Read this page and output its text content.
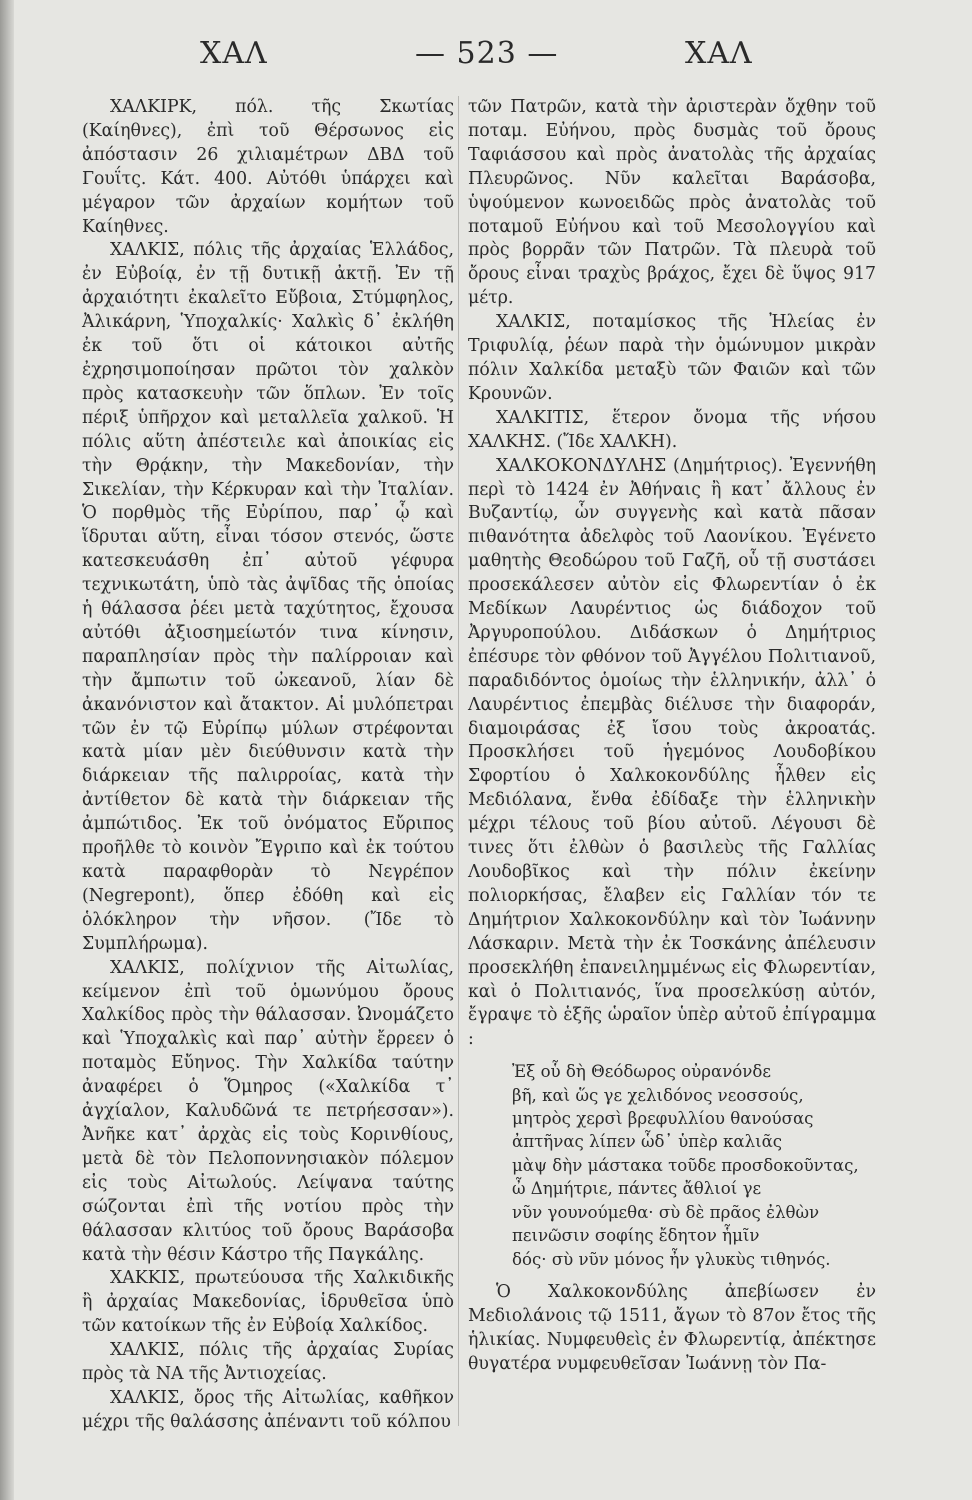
ΧΑΛ	— 523 —	ΧΑΛ

ΧΑΛΚΙΡΚ, πόλ. τῆς Σκωτίας (Καίηθνες), ἐπὶ τοῦ Θέρσωνος εἰς ἀπόστασιν 26 χιλιαμέτρων ΔΒΔ τοῦ Γουΐτς. Κάτ. 400. Αὐτόθι ὑπάρχει καὶ μέγαρον τῶν ἀρχαίων κομήτων τοῦ Καίηθνες.

ΧΑΛΚΙΣ, πόλις τῆς ἀρχαίας Ἑλλάδος, ἐν Εὐβοίᾳ, ἐν τῇ δυτικῇ ἀκτῇ. Ἐν τῇ ἀρχαιότητι ἐκαλεῖτο Εὔβοια, Στύμφηλος, Ἀλικάρνη, Ὑποχαλκίς· Χαλκὶς δ᾽ ἐκλήθη ἐκ τοῦ ὅτι οἱ κάτοικοι αὐτῆς ἐχρησιμοποίησαν πρῶτοι τὸν χαλκὸν πρὸς κατασκευὴν τῶν ὅπλων. Ἐν τοῖς πέριξ ὑπῆρχον καὶ μεταλλεῖα χαλκοῦ. Ἡ πόλις αὕτη ἀπέστειλε καὶ ἀποικίας εἰς τὴν Θρᾴκην, τὴν Μακεδονίαν, τὴν Σικελίαν, τὴν Κέρκυραν καὶ τὴν Ἰταλίαν. Ὁ πορθμὸς τῆς Εὐρίπου, παρ᾽ ᾧ καὶ ἵδρυται αὕτη, εἶναι τόσον στενός, ὥστε κατεσκευάσθη ἐπ᾽ αὐτοῦ γέφυρα τεχνικωτάτη, ὑπὸ τὰς ἀψῖδας τῆς ὁποίας ἡ θάλασσα ῥέει μετὰ ταχύτητος, ἔχουσα αὐτόθι ἀξιοσημείωτόν τινα κίνησιν, παραπλησίαν πρὸς τὴν παλίρροιαν καὶ τὴν ἄμπωτιν τοῦ ὠκεανοῦ, λίαν δὲ ἀκανόνιστον καὶ ἄτακτον. Αἱ μυλόπετραι τῶν ἐν τῷ Εὐρίπῳ μύλων στρέφονται κατὰ μίαν μὲν διεύθυνσιν κατὰ τὴν διάρκειαν τῆς παλιρροίας, κατὰ τὴν ἀντίθετον δὲ κατὰ τὴν διάρκειαν τῆς ἀμπώτιδος. Ἐκ τοῦ ὀνόματος Εὔριπος προῆλθε τὸ κοινὸν Ἔγριπο καὶ ἐκ τούτου κατὰ παραφθορὰν τὸ Νεγρέπον (Negrepont), ὅπερ ἐδόθη καὶ εἰς ὁλόκληρον τὴν νῆσον. (Ἴδε τὸ Συμπλήρωμα).

ΧΑΛΚΙΣ, πολίχνιον τῆς Αἰτωλίας, κείμενον ἐπὶ τοῦ ὁμωνύμου ὄρους Χαλκίδος πρὸς τὴν θάλασσαν. Ὠνομάζετο καὶ Ὑποχαλκὶς καὶ παρ᾽ αὐτὴν ἔρρεεν ὁ ποταμὸς Εὔηνος. Τὴν Χαλκίδα ταύτην ἀναφέρει ὁ Ὅμηρος («Χαλκίδα τ᾽ ἀγχίαλον, Καλυδῶνά τε πετρήεσσαν»). Ἀνῆκε κατ᾽ ἀρχὰς εἰς τοὺς Κορινθίους, μετὰ δὲ τὸν Πελοποννησιακὸν πόλεμον εἰς τοὺς Αἰτωλούς. Λείψανα ταύτης σώζονται ἐπὶ τῆς νοτίου πρὸς τὴν θάλασσαν κλιτύος τοῦ ὄρους Βαράσοβα κατὰ τὴν θέσιν Κάστρο τῆς Παγκάλης.

ΧΑΚΚΙΣ, πρωτεύουσα τῆς Χαλκιδικῆς ἢ ἀρχαίας Μακεδονίας, ἱδρυθεῖσα ὑπὸ τῶν κατοίκων τῆς ἐν Εὐβοίᾳ Χαλκίδος.

ΧΑΛΚΙΣ, πόλις τῆς ἀρχαίας Συρίας πρὸς τὰ ΝΑ τῆς Ἀντιοχείας.

ΧΑΛΚΙΣ, ὄρος τῆς Αἰτωλίας, καθῆκον μέχρι τῆς θαλάσσης ἀπέναντι τοῦ κόλπου

τῶν Πατρῶν, κατὰ τὴν ἀριστερὰν ὄχθην τοῦ ποταμ. Εὐήνου, πρὸς δυσμὰς τοῦ ὄρους Ταφιάσσου καὶ πρὸς ἀνατολὰς τῆς ἀρχαίας Πλευρῶνος. Νῦν καλεῖται Βαράσοβα, ὑψούμενον κωνοειδῶς πρὸς ἀνατολὰς τοῦ ποταμοῦ Εὐήνου καὶ τοῦ Μεσολογγίου καὶ πρὸς βορρᾶν τῶν Πατρῶν. Τὰ πλευρὰ τοῦ ὄρους εἶναι τραχὺς βράχος, ἔχει δὲ ὕψος 917 μέτρ.

ΧΑΛΚΙΣ, ποταμίσκος τῆς Ἠλείας ἐν Τριφυλίᾳ, ῥέων παρὰ τὴν ὁμώνυμον μικρὰν πόλιν Χαλκίδα μεταξὺ τῶν Φαιῶν καὶ τῶν Κρουνῶν.

ΧΑΛΚΙΤΙΣ, ἕτερον ὄνομα τῆς νήσου ΧΑΛΚΗΣ. (Ἴδε ΧΑΛΚΗ).

ΧΑΛΚΟΚΟΝΔΥΛΗΣ (Δημήτριος). Ἐγεννήθη περὶ τὸ 1424 ἐν Ἀθήναις ἢ κατ᾽ ἄλλους ἐν Βυζαντίῳ, ὧν συγγενὴς καὶ κατὰ πᾶσαν πιθανότητα ἀδελφὸς τοῦ Λαονίκου. Ἐγένετο μαθητὴς Θεοδώρου τοῦ Γαζῆ, οὗ τῇ συστάσει προσεκάλεσεν αὐτὸν εἰς Φλωρεντίαν ὁ ἐκ Μεδίκων Λαυρέντιος ὡς διάδοχον τοῦ Ἀργυροπούλου. Διδάσκων ὁ Δημήτριος ἐπέσυρε τὸν φθόνον τοῦ Ἀγγέλου Πολιτιανοῦ, παραδιδόντος ὁμοίως τὴν ἑλληνικήν, ἀλλ᾽ ὁ Λαυρέντιος ἐπεμβὰς διέλυσε τὴν διαφοράν, διαμοιράσας ἐξ ἴσου τοὺς ἀκροατάς. Προσκλήσει τοῦ ἡγεμόνος Λουδοβίκου Σφορτίου ὁ Χαλκοκονδύλης ἦλθεν εἰς Μεδιόλανα, ἔνθα ἐδίδαξε τὴν ἑλληνικὴν μέχρι τέλους τοῦ βίου αὐτοῦ. Λέγουσι δὲ τινες ὅτι ἐλθὼν ὁ βασιλεὺς τῆς Γαλλίας Λουδοβῖκος καὶ τὴν πόλιν ἐκείνην πολιορκήσας, ἔλαβεν εἰς Γαλλίαν τόν τε Δημήτριον Χαλκοκονδύλην καὶ τὸν Ἰωάννην Λάσκαριν. Μετὰ τὴν ἐκ Τοσκάνης ἀπέλευσιν προσεκλήθη ἐπανειλημμένως εἰς Φλωρεντίαν, καὶ ὁ Πολιτιανός, ἵνα προσελκύσῃ αὐτόν, ἔγραψε τὸ ἑξῆς ὡραῖον ὑπὲρ αὐτοῦ ἐπίγραμμα :

Ἐξ οὗ δὴ Θεόδωρος οὐρανόνδε
βῆ, καὶ ὥς γε χελιδόνος νεοσσούς,
μητρὸς χερσὶ βρεφυλλίου θανούσας
ἀπτῆνας λίπεν ὧδ᾽ ὑπὲρ καλιᾶς
μὰψ δὴν μάστακα τοῦδε προσδοκοῦντας,
ὦ Δημήτριε, πάντες ἄθλιοί γε
νῦν γουνούμεθα· σὺ δὲ πρᾶος ἐλθὼν
πεινῶσιν σοφίης ἔδητον ἧμῖν
δός· σὺ νῦν μόνος ἦν γλυκὺς τιθηνός.

Ὁ Χαλκοκονδύλης ἀπεβίωσεν ἐν Μεδιολάνοις τῷ 1511, ἄγων τὸ 87ον ἔτος τῆς ἡλικίας. Νυμφευθεὶς ἐν Φλωρεντίᾳ, ἀπέκτησε θυγατέρα νυμφευθεῖσαν Ἰωάννῃ τὸν Πα-
